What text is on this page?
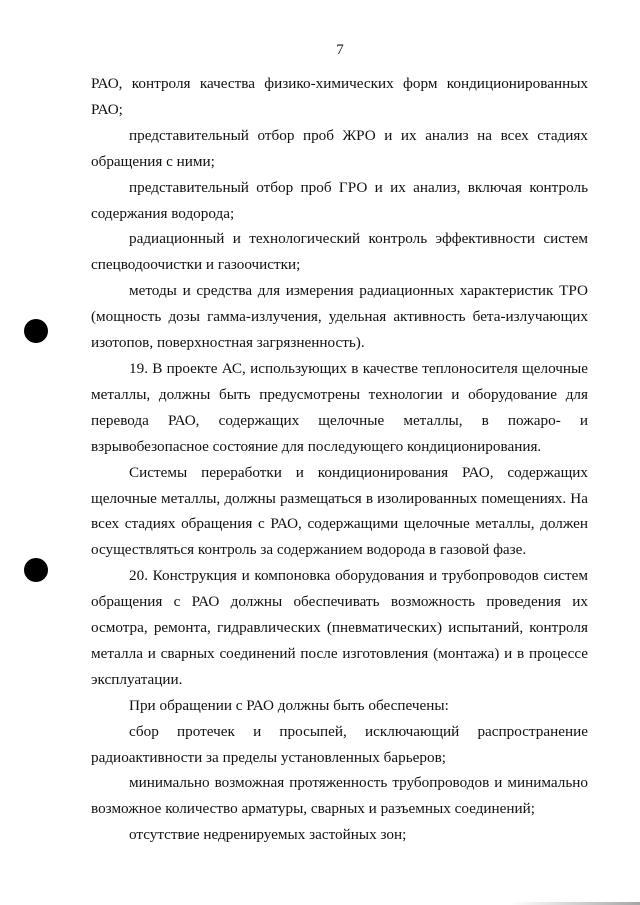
7

РАО, контроля качества физико-химических форм кондиционированных РАО;

представительный отбор проб ЖРО и их анализ на всех стадиях обращения с ними;

представительный отбор проб ГРО и их анализ, включая контроль содержания водорода;

радиационный и технологический контроль эффективности систем спецводоочистки и газоочистки;

методы и средства для измерения радиационных характеристик ТРО (мощность дозы гамма-излучения, удельная активность бета-излучающих изотопов, поверхностная загрязненность).

19. В проекте АС, использующих в качестве теплоносителя щелочные металлы, должны быть предусмотрены технологии и оборудование для перевода РАО, содержащих щелочные металлы, в пожаро- и взрывобезопасное состояние для последующего кондиционирования.

Системы переработки и кондиционирования РАО, содержащих щелочные металлы, должны размещаться в изолированных помещениях. На всех стадиях обращения с РАО, содержащими щелочные металлы, должен осуществляться контроль за содержанием водорода в газовой фазе.

20. Конструкция и компоновка оборудования и трубопроводов систем обращения с РАО должны обеспечивать возможность проведения их осмотра, ремонта, гидравлических (пневматических) испытаний, контроля металла и сварных соединений после изготовления (монтажа) и в процессе эксплуатации.

При обращении с РАО должны быть обеспечены:

сбор протечек и просыпей, исключающий распространение радиоактивности за пределы установленных барьеров;

минимально возможная протяженность трубопроводов и минимально возможное количество арматуры, сварных и разъемных соединений;

отсутствие недренируемых застойных зон;
